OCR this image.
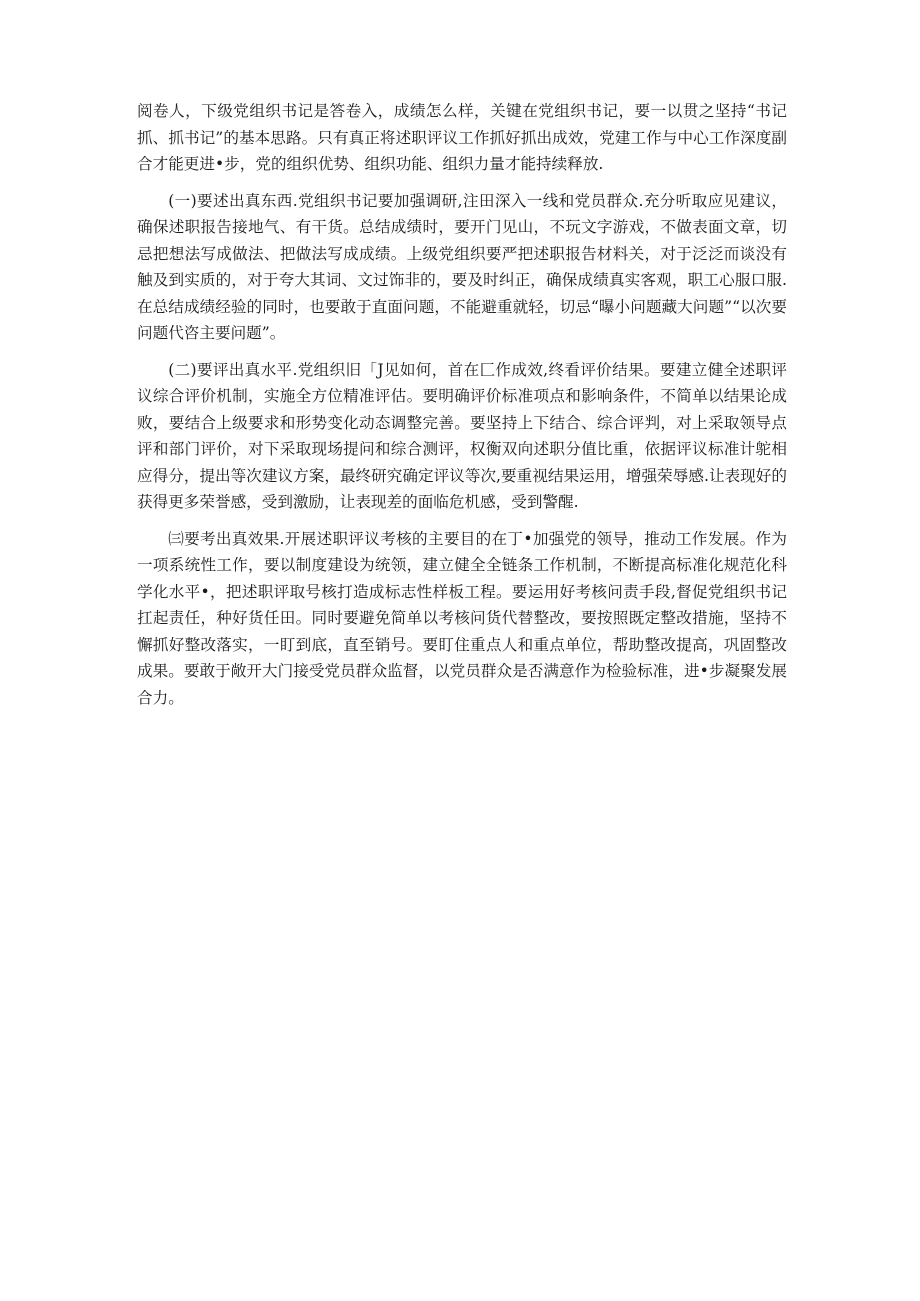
阅卷人，下级党组织书记是答卷入，成绩怎么样，关键在党组织书记，要一以贯之坚持“书记抓、抓书记”的基本思路。只有真正将述职评议工作抓好抓出成效，党建工作与中心工作深度副合才能更进•步，党的组织优势、组织功能、组织力量才能持续释放.

(一)要述出真东西.党组织书记要加强调研,注田深入一线和党员群众.充分听取应见建议，确保述职报告接地气、有干货。总结成绩时，要开门见山，不玩文字游戏，不做表面文章，切忌把想法写成做法、把做法写成成绩。上级党组织要严把述职报告材料关，对于泛泛而谈没有触及到实质的，对于夸大其词、文过饰非的，要及时纠正，确保成绩真实客观，职工心服口服.在总结成绩经验的同时，也要敢于直面问题，不能避重就轻，切忌“曝小问题藏大问题”“以次要问题代咨主要问题”。

(二)要评出真水平.党组织旧「J见如何，首在匚作成效,终看评价结果。要建立健全述职评议综合评价机制，实施全方位精准评估。要明确评价标准项点和影响条件，不简单以结果论成败，要结合上级要求和形势变化动态调整完善。要坚持上下结合、综合评判，对上采取领导点评和部门评价，对下采取现场提问和综合测评，权衡双向述职分值比重，依据评议标准计鸵相应得分，提出等次建议方案，最终研究确定评议等次,要重视结果运用，增强荣辱感.让表现好的获得更多荣誉感，受到激励，让表现差的面临危机感，受到警醒.

㈢要考出真效果.开展述职评议考核的主要目的在丁•加强党的领导，推动工作发展。作为一项系统性工作，要以制度建设为统领，建立健全全链条工作机制，不断提高标准化规范化科学化水平•，把述职评取号核打造成标志性样板工程。要运用好考核问责手段,督促党组织书记扛起责任，种好货任田。同时要避免简单以考核问货代替整改，要按照既定整改措施，坚持不懈抓好整改落实，一盯到底，直至销号。要盯住重点人和重点单位，帮助整改提高，巩固整改成果。要敢于敞开大门接受党员群众监督，以党员群众是否满意作为检验标准，进•步凝聚发展合力。
